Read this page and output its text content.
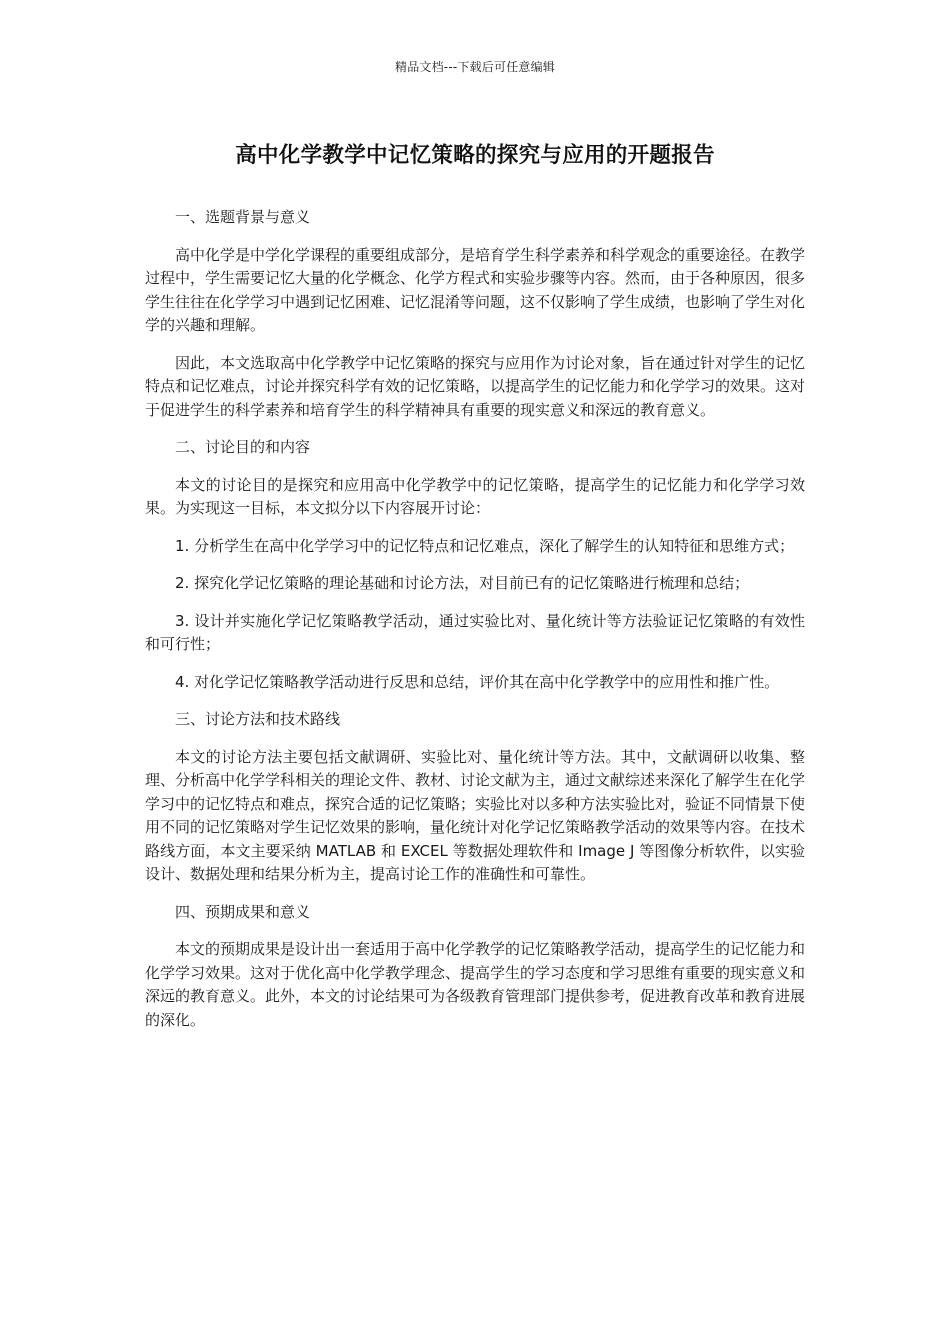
精品文档---下载后可任意编辑
高中化学教学中记忆策略的探究与应用的开题报告
一、选题背景与意义

高中化学是中学化学课程的重要组成部分，是培育学生科学素养和科学观念的重要途径。在教学过程中，学生需要记忆大量的化学概念、化学方程式和实验步骤等内容。然而，由于各种原因，很多学生往往在化学学习中遇到记忆困难、记忆混淆等问题，这不仅影响了学生成绩，也影响了学生对化学的兴趣和理解。

因此，本文选取高中化学教学中记忆策略的探究与应用作为讨论对象，旨在通过针对学生的记忆特点和记忆难点，讨论并探究科学有效的记忆策略，以提高学生的记忆能力和化学学习的效果。这对于促进学生的科学素养和培育学生的科学精神具有重要的现实意义和深远的教育意义。

二、讨论目的和内容

本文的讨论目的是探究和应用高中化学教学中的记忆策略，提高学生的记忆能力和化学学习效果。为实现这一目标，本文拟分以下内容展开讨论：

1. 分析学生在高中化学学习中的记忆特点和记忆难点，深化了解学生的认知特征和思维方式；

2. 探究化学记忆策略的理论基础和讨论方法，对目前已有的记忆策略进行梳理和总结；

3. 设计并实施化学记忆策略教学活动，通过实验比对、量化统计等方法验证记忆策略的有效性和可行性；

4. 对化学记忆策略教学活动进行反思和总结，评价其在高中化学教学中的应用性和推广性。

三、讨论方法和技术路线

本文的讨论方法主要包括文献调研、实验比对、量化统计等方法。其中，文献调研以收集、整理、分析高中化学学科相关的理论文件、教材、讨论文献为主，通过文献综述来深化了解学生在化学学习中的记忆特点和难点，探究合适的记忆策略；实验比对以多种方法实验比对，验证不同情景下使用不同的记忆策略对学生记忆效果的影响，量化统计对化学记忆策略教学活动的效果等内容。在技术路线方面，本文主要采纳 MATLAB 和 EXCEL 等数据处理软件和 Image J 等图像分析软件，以实验设计、数据处理和结果分析为主，提高讨论工作的准确性和可靠性。

四、预期成果和意义

本文的预期成果是设计出一套适用于高中化学教学的记忆策略教学活动，提高学生的记忆能力和化学学习效果。这对于优化高中化学教学理念、提高学生的学习态度和学习思维有重要的现实意义和深远的教育意义。此外，本文的讨论结果可为各级教育管理部门提供参考，促进教育改革和教育进展的深化。
